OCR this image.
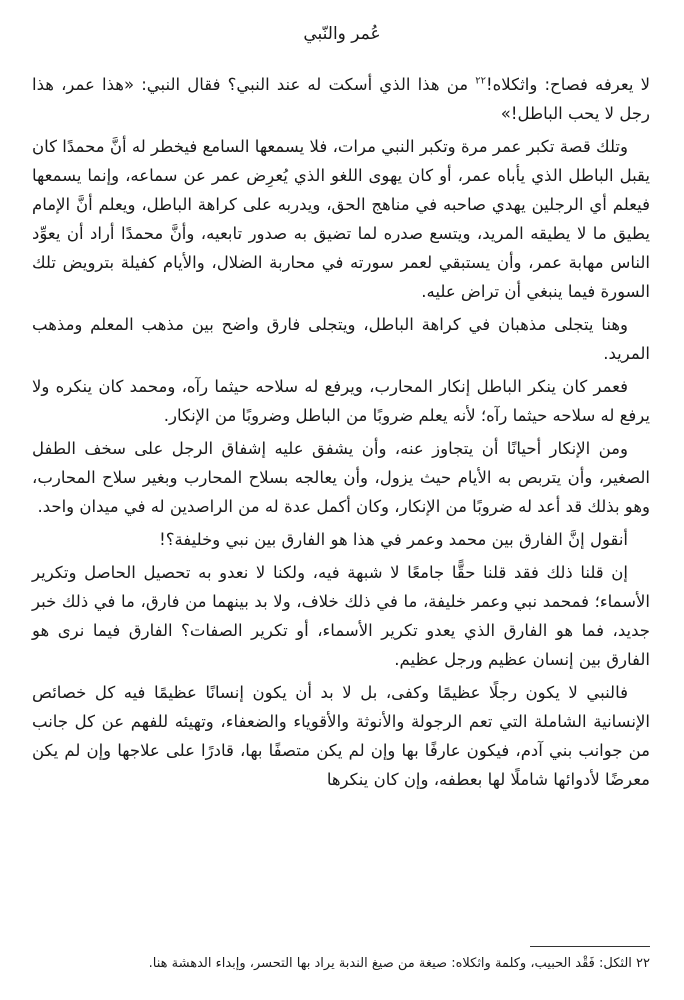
عُمر والنّبي

لا يعرفه فصاح: واثكلاه!$^{٢٢}$ من هذا الذي أسكت له عند النبي؟ فقال النبي: «هذا عمر، هذا رجل لا يحب الباطل!»

وتلك قصة تكبر عمر مرة وتكبر النبي مرات، فلا يسمعها السامع فيخطر له أنَّ محمدًا كان يقبل الباطل الذي يأباه عمر، أو كان يهوى اللغو الذي يُعرِض عمر عن سماعه، وإنما يسمعها فيعلم أي الرجلين يهدي صاحبه في مناهج الحق، ويدربه على كراهة الباطل، ويعلم أنَّ الإمام يطيق ما لا يطيقه المريد، ويتسع صدره لما تضيق به صدور تابعيه، وأنَّ محمدًا أراد أن يعوِّد الناس مهابة عمر، وأن يستبقي لعمر سورته في محاربة الضلال، والأيام كفيلة بترويض تلك السورة فيما ينبغي أن تراض عليه.

وهنا يتجلى مذهبان في كراهة الباطل، ويتجلى فارق واضح بين مذهب المعلم ومذهب المريد.

فعمر كان ينكر الباطل إنكار المحارب، ويرفع له سلاحه حيثما رآه، ومحمد كان ينكره ولا يرفع له سلاحه حيثما رآه؛ لأنه يعلم ضروبًا من الباطل وضروبًا من الإنكار.

ومن الإنكار أحيانًا أن يتجاوز عنه، وأن يشفق عليه إشفاق الرجل على سخف الطفل الصغير، وأن يتربص به الأيام حيث يزول، وأن يعالجه بسلاح المحارب وبغير سلاح المحارب، وهو بذلك قد أعد له ضروبًا من الإنكار، وكان أكمل عدة له من الراصدين له في ميدان واحد.

أنقول إنَّ الفارق بين محمد وعمر في هذا هو الفارق بين نبي وخليفة؟!

إن قلنا ذلك فقد قلنا حقًّا جامعًا لا شبهة فيه، ولكنا لا نعدو به تحصيل الحاصل وتكرير الأسماء؛ فمحمد نبي وعمر خليفة، ما في ذلك خلاف، ولا بد بينهما من فارق، ما في ذلك خبر جديد، فما هو الفارق الذي يعدو تكرير الأسماء، أو تكرير الصفات؟ الفارق فيما نرى هو الفارق بين إنسان عظيم ورجل عظيم.

فالنبي لا يكون رجلًا عظيمًا وكفى، بل لا بد أن يكون إنسانًا عظيمًا فيه كل خصائص الإنسانية الشاملة التي تعم الرجولة والأنوثة والأقوياء والضعفاء، وتهيئه للفهم عن كل جانب من جوانب بني آدم، فيكون عارفًا بها وإن لم يكن متصفًا بها، قادرًا على علاجها وإن لم يكن معرضًا لأدوائها شاملًا لها بعطفه، وإن كان ينكرها

٢٢ الثكل: فَقْد الحبيب، وكلمة واثكلاه: صيغة من صيغ الندبة يراد بها التحسر، وإبداء الدهشة هنا.
